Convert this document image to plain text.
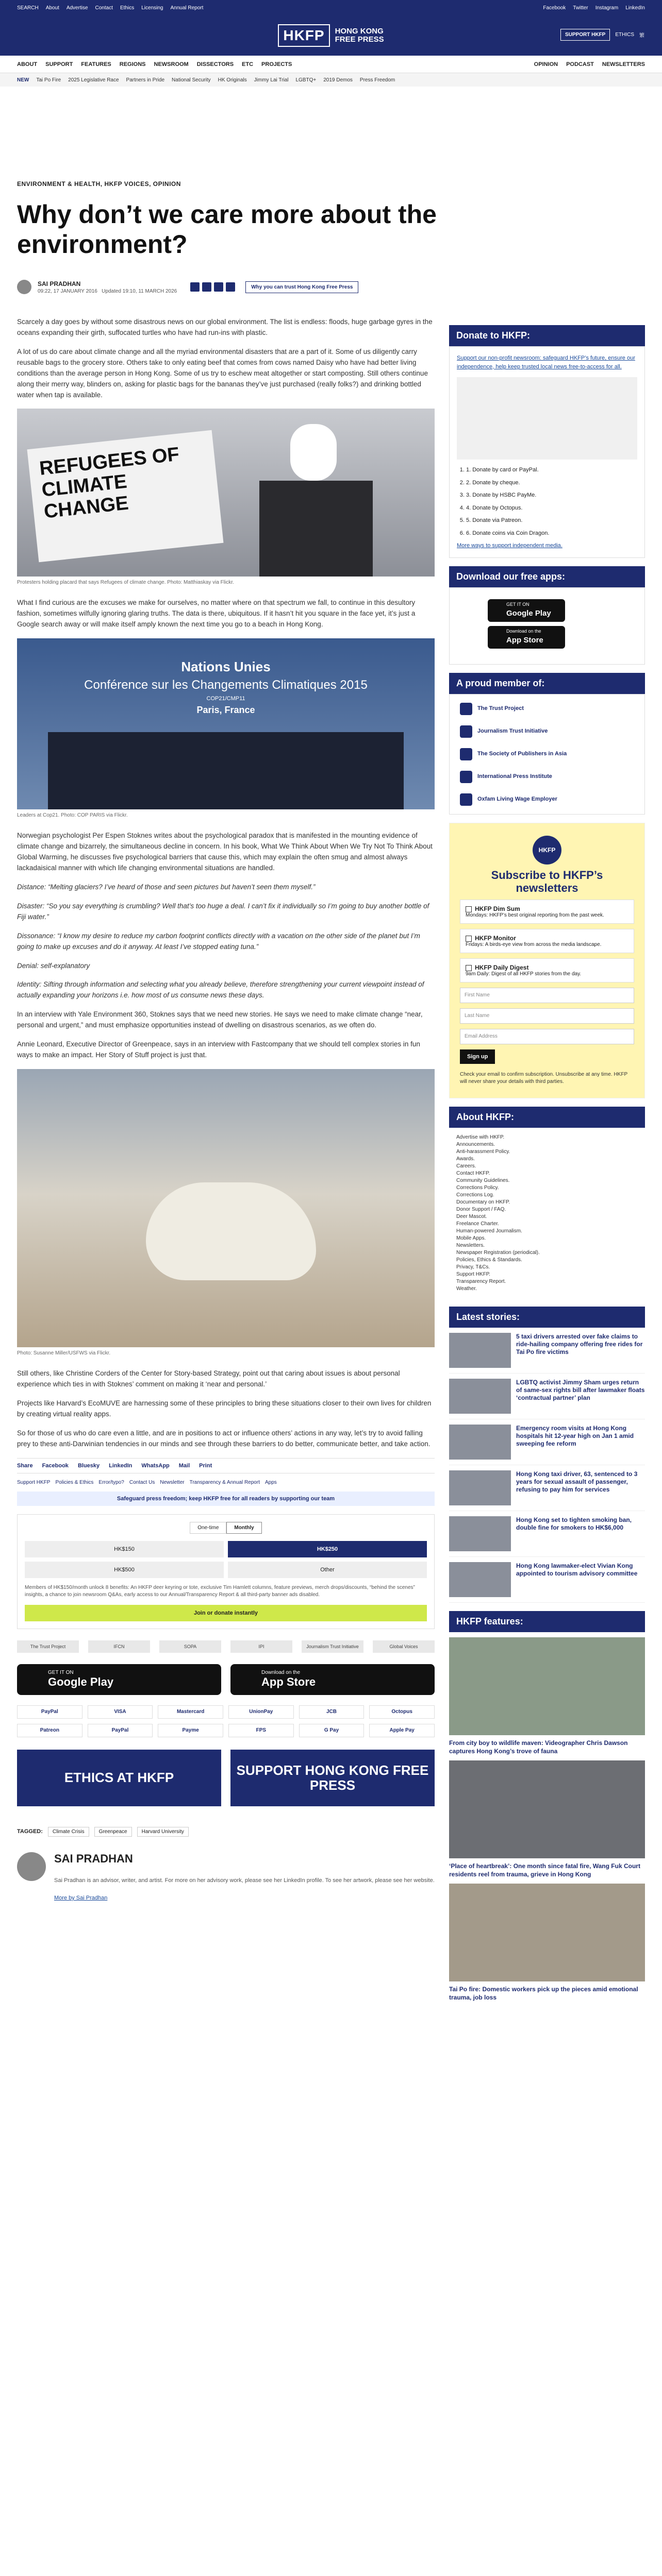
SEARCH About Advertise Contact Ethics Licensing Annual Report	Facebook Twitter Instagram LinkedIn
HKFP	HONG KONG
FREE PRESS
SUPPORT HKFP	ETHICS 繁
ABOUT SUPPORT FEATURES REGIONS NEWSROOM DISSECTORS ETC PROJECTS	OPINION PODCAST NEWSLETTERS
NEW Tai Po Fire 2025 Legislative Race Partners in Pride National Security HK Originals Jimmy Lai Trial LGBTQ+ 2019 Demos Press Freedom
ENVIRONMENT & HEALTH, HKFP VOICES, OPINION
Why don’t we care more about the environment?
SAI PRADHAN
09:22, 17 JANUARY 2016 Updated 19:10, 11 MARCH 2026
Why you can trust Hong Kong Free Press

Scarcely a day goes by without some disastrous news on our global environment. The list is endless: floods, huge garbage gyres in the oceans expanding their girth, suffocated turtles who have had run-ins with plastic.

A lot of us do care about climate change and all the myriad environmental disasters that are a part of it. Some of us diligently carry reusable bags to the grocery store. Others take to only eating beef that comes from cows named Daisy who have had better living conditions than the average person in Hong Kong. Some of us try to eschew meat altogether or start composting. Still others continue along their merry way, blinders on, asking for plastic bags for the bananas they’ve just purchased (really folks?) and drinking bottled water when tap is available.

REFUGEES OF CLIMATE CHANGE
Protesters holding placard that says Refugees of climate change. Photo: Matthiaskay via Flickr.

What I find curious are the excuses we make for ourselves, no matter where on that spectrum we fall, to continue in this desultory fashion, sometimes wilfully ignoring glaring truths. The data is there, ubiquitous. If it hasn’t hit you square in the face yet, it’s just a Google search away or will make itself amply known the next time you go to a beach in Hong Kong.

Nations Unies
Conférence sur les Changements Climatiques 2015
COP21/CMP11
Paris, France
Leaders at Cop21. Photo: COP PARIS via Flickr.

Norwegian psychologist Per Espen Stoknes writes about the psychological paradox that is manifested in the mounting evidence of climate change and bizarrely, the simultaneous decline in concern. In his book, What We Think About When We Try Not To Think About Global Warming, he discusses five psychological barriers that cause this, which may explain the often smug and almost always lackadaisical manner with which life changing environmental situations are handled.

Distance: “Melting glaciers? I’ve heard of those and seen pictures but haven’t seen them myself.”

Disaster: “So you say everything is crumbling? Well that’s too huge a deal. I can’t fix it individually so I’m going to buy another bottle of Fiji water.”

Dissonance: “I know my desire to reduce my carbon footprint conflicts directly with a vacation on the other side of the planet but I’m going to make up excuses and do it anyway. At least I’ve stopped eating tuna.”

Denial: self-explanatory

Identity: Sifting through information and selecting what you already believe, therefore strengthening your current viewpoint instead of actually expanding your horizons i.e. how most of us consume news these days.

In an interview with Yale Environment 360, Stoknes says that we need new stories. He says we need to make climate change “near, personal and urgent,” and must emphasize opportunities instead of dwelling on disastrous scenarios, as we often do.

Annie Leonard, Executive Director of Greenpeace, says in an interview with Fastcompany that we should tell complex stories in fun ways to make an impact. Her Story of Stuff project is just that.

Photo: Susanne Miller/USFWS via Flickr.

Still others, like Christine Corders of the Center for Story-based Strategy, point out that caring about issues is about personal experience which ties in with Stoknes’ comment on making it ‘near and personal.’

Projects like Harvard’s EcoMUVE are harnessing some of these principles to bring these situations closer to their own lives for children by creating virtual reality apps.

So for those of us who do care even a little, and are in positions to act or influence others’ actions in any way, let’s try to avoid falling prey to these anti-Darwinian tendencies in our minds and see through these barriers to do better, communicate better, and take action.

Share Facebook Bluesky LinkedIn WhatsApp Mail Print
Support HKFP Policies & Ethics Error/typo? Contact Us Newsletter Transparency & Annual Report Apps
Safeguard press freedom; keep HKFP free for all readers by supporting our team
One-time	Monthly
HK$150	HK$250
HK$500	Other
Members of HK$150/month unlock 8 benefits: An HKFP deer keyring or tote, exclusive Tim Hamlett columns, feature previews, merch drops/discounts, “behind the scenes” insights, a chance to join newsroom Q&As, early access to our Annual/Transparency Report & all third-party banner ads disabled.
Join or donate instantly
The Trust Project	IFCN	SOPA	IPI	Journalism Trust Initiative	Global Voices
GET IT ON
Google Play
Download on the
App Store
PayPal	VISA	Mastercard	UnionPay	JCB	Octopus
Patreon	PayPal	Payme	FPS	G Pay	Apple Pay
ETHICS AT HKFP	SUPPORT HONG KONG FREE PRESS
TAGGED:	Climate Crisis	Greenpeace	Harvard University
SAI PRADHAN

Sai Pradhan is an advisor, writer, and artist. For more on her advisory work, please see her LinkedIn profile. To see her artwork, please see her website.

More by Sai Pradhan
Donate to HKFP:
Support our non-profit newsroom: safeguard HKFP’s future, ensure our independence, help keep trusted local news free-to-access for all.
1. 1. Donate by card or PayPal.
2. 2. Donate by cheque.
3. 3. Donate by HSBC PayMe.
4. 4. Donate by Octopus.
5. 5. Donate via Patreon.
6. 6. Donate coins via Coin Dragon.
More ways to support independent media.
Download our free apps:
GET IT ON
Google Play
Download on the
App Store
A proud member of:
The Trust Project
Journalism Trust Initiative
The Society of Publishers in Asia
International Press Institute
Oxfam Living Wage Employer
HKFP
Subscribe to HKFP’s newsletters
HKFP Dim Sum
Mondays: HKFP’s best original reporting from the past week.
HKFP Monitor
Fridays: A birds-eye view from across the media landscape.
HKFP Daily Digest
9am Daily: Digest of all HKFP stories from the day.
First Name
Last Name
Email Address
Sign up
Check your email to confirm subscription. Unsubscribe at any time. HKFP will never share your details with third parties.
About HKFP:
Advertise with HKFP.
Announcements.
Anti-harassment Policy.
Awards.
Careers.
Contact HKFP.
Community Guidelines.
Corrections Policy.
Corrections Log.
Documentary on HKFP.
Donor Support / FAQ.
Deer Mascot.
Freelance Charter.
Human-powered Journalism.
Mobile Apps.
Newsletters.
Newspaper Registration (periodical).
Policies, Ethics & Standards.
Privacy, T&Cs.
Support HKFP.
Transparency Report.
Weather.
Latest stories:
5 taxi drivers arrested over fake claims to ride-hailing company offering free rides for Tai Po fire victims
LGBTQ activist Jimmy Sham urges return of same-sex rights bill after lawmaker floats ‘contractual partner’ plan
Emergency room visits at Hong Kong hospitals hit 12-year high on Jan 1 amid sweeping fee reform
Hong Kong taxi driver, 63, sentenced to 3 years for sexual assault of passenger, refusing to pay him for services
Hong Kong set to tighten smoking ban, double fine for smokers to HK$6,000
Hong Kong lawmaker-elect Vivian Kong appointed to tourism advisory committee
HKFP features:

From city boy to wildlife maven: Videographer Chris Dawson captures Hong Kong’s trove of fauna

‘Place of heartbreak’: One month since fatal fire, Wang Fuk Court residents reel from trauma, grieve in Hong Kong

Tai Po fire: Domestic workers pick up the pieces amid emotional trauma, job loss
